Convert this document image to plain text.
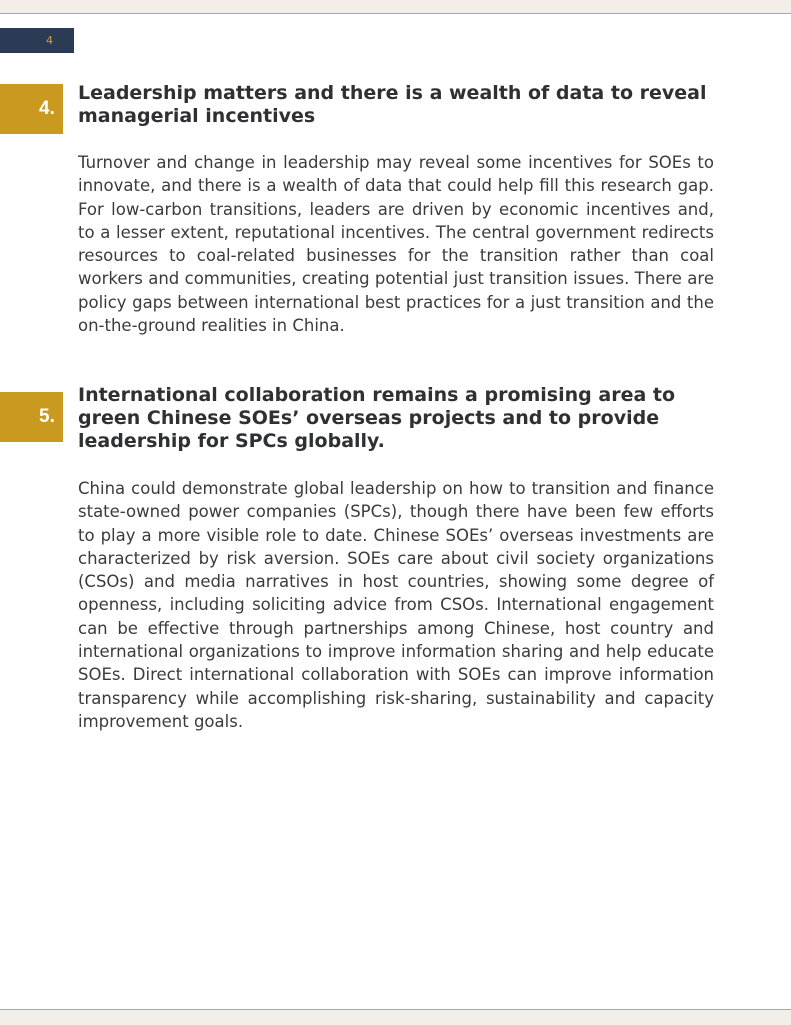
4
4.
Leadership matters and there is a wealth of data to reveal managerial incentives

Turnover and change in leadership may reveal some incentives for SOEs to innovate, and there is a wealth of data that could help fill this research gap. For low-carbon transitions, leaders are driven by economic incentives and, to a lesser extent, reputational incentives. The central government redirects resources to coal-related businesses for the transition rather than coal workers and communities, creating potential just transition issues. There are policy gaps between international best practices for a just transition and the on-the-ground realities in China.

5.
International collaboration remains a promising area to green Chinese SOEs’ overseas projects and to provide leadership for SPCs globally.

China could demonstrate global leadership on how to transition and finance state-owned power companies (SPCs), though there have been few efforts to play a more visible role to date. Chinese SOEs’ overseas investments are characterized by risk aversion. SOEs care about civil society organizations (CSOs) and media narratives in host countries, showing some degree of openness, including soliciting advice from CSOs. International engagement can be effective through partnerships among Chinese, host country and international organizations to improve information sharing and help educate SOEs. Direct international collaboration with SOEs can improve information transparency while accomplishing risk-sharing, sustainability and capacity improvement goals.
